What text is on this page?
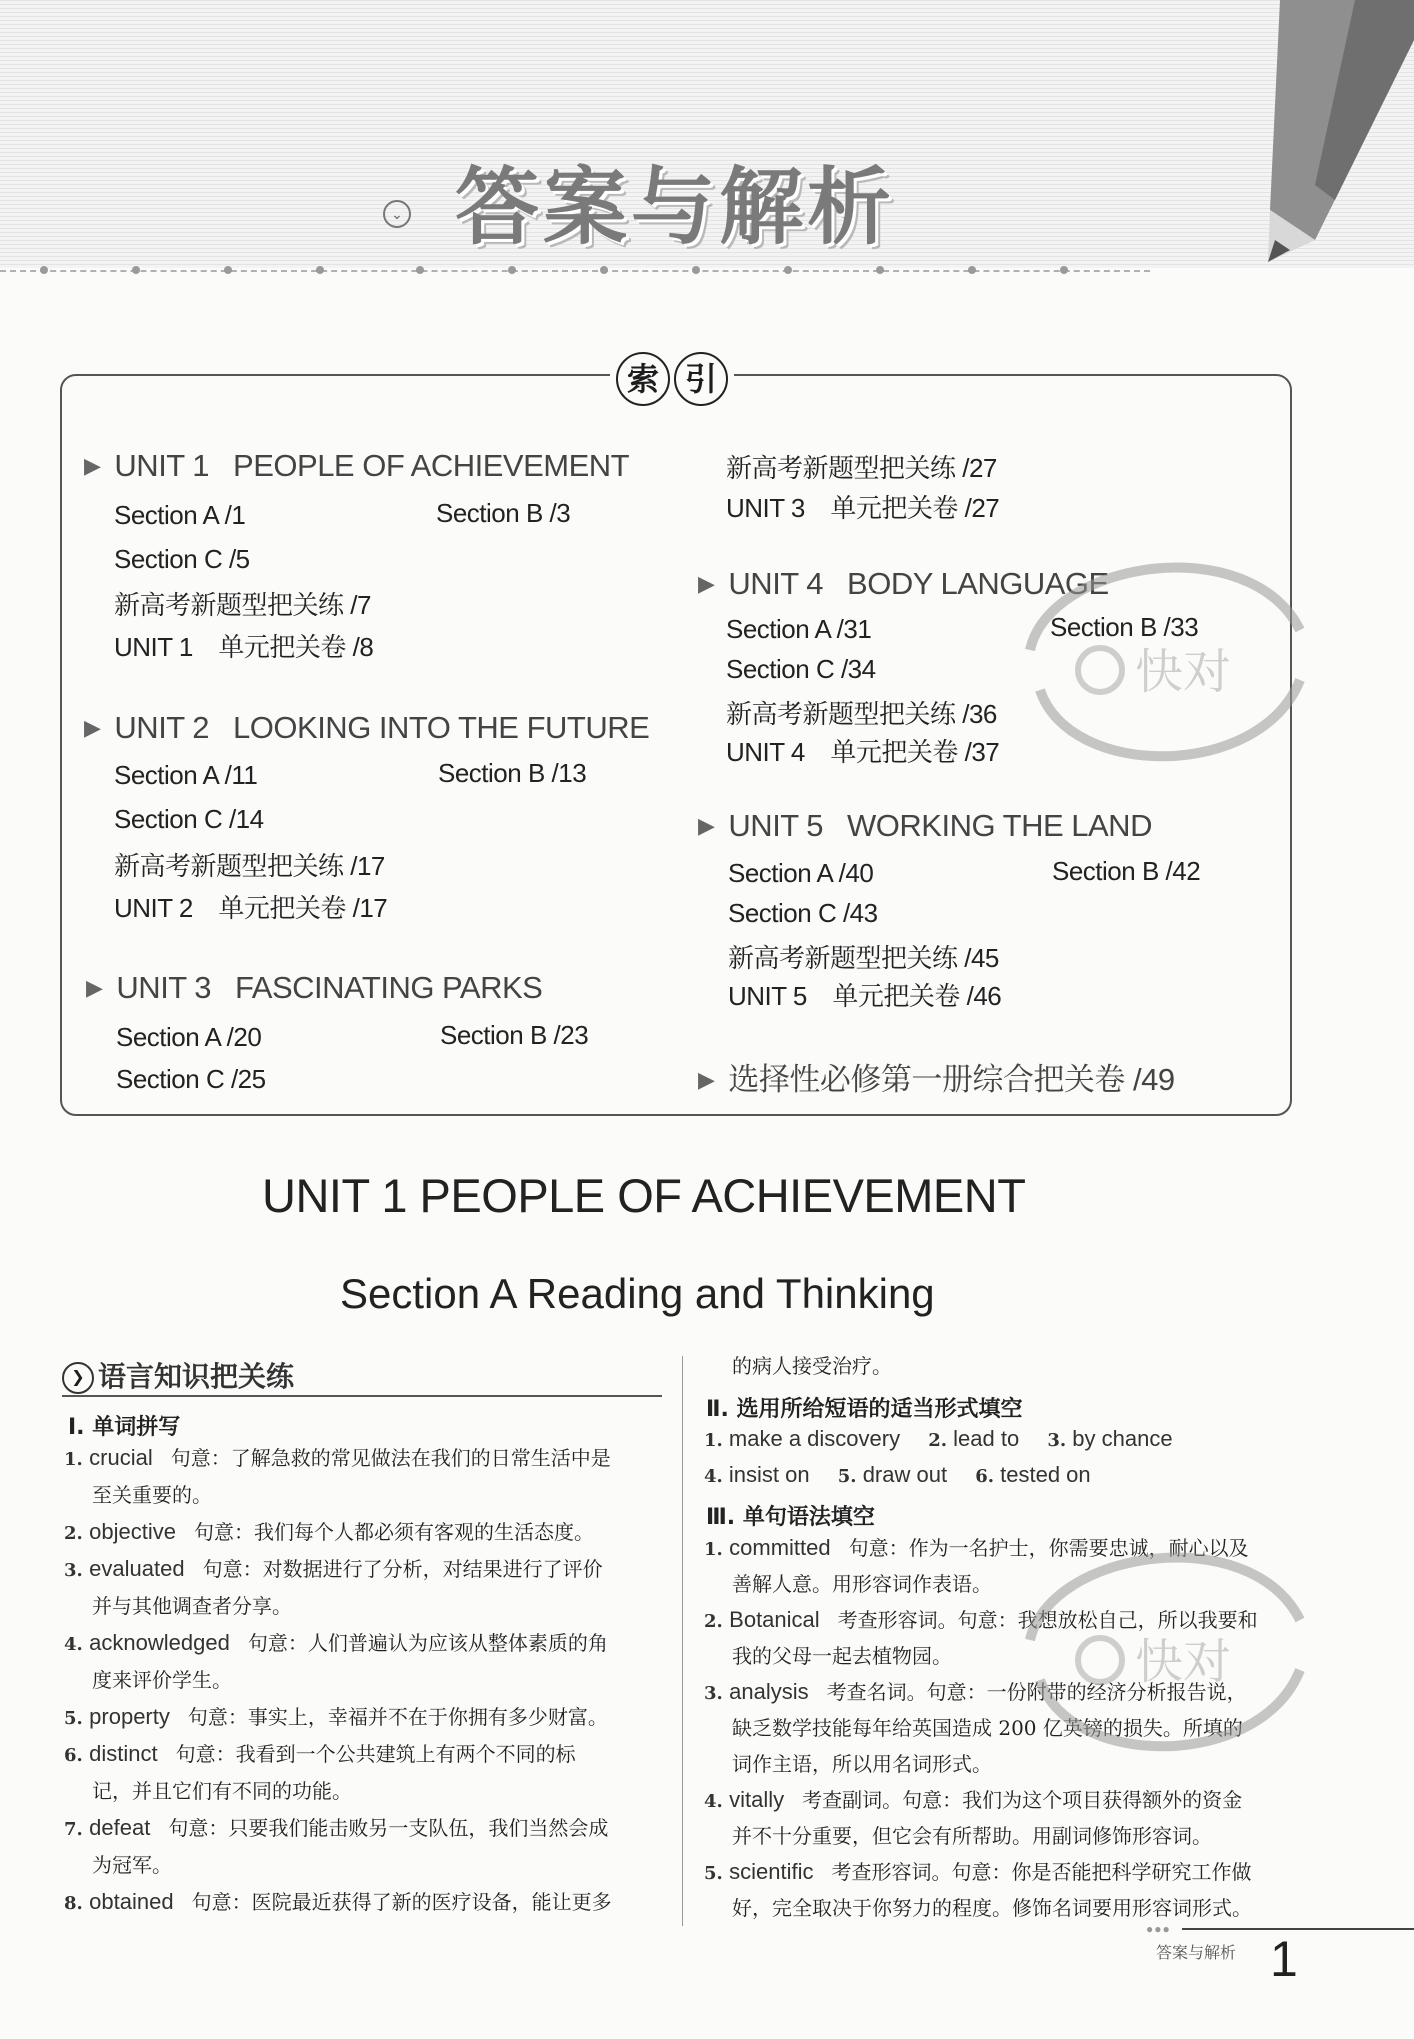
⌄ 答案与解析
索 引
▶ UNIT 1 PEOPLE OF ACHIEVEMENT
Section A /1	Section B /3
Section C /5
新高考新题型把关练 /7
UNIT 1　单元把关卷 /8
▶ UNIT 2 LOOKING INTO THE FUTURE
Section A /11	Section B /13
Section C /14
新高考新题型把关练 /17
UNIT 2　单元把关卷 /17
▶ UNIT 3 FASCINATING PARKS
Section A /20	Section B /23
Section C /25
新高考新题型把关练 /27
UNIT 3　单元把关卷 /27
▶ UNIT 4 BODY LANGUAGE
Section A /31	Section B /33
Section C /34
新高考新题型把关练 /36
UNIT 4　单元把关卷 /37
▶ UNIT 5 WORKING THE LAND
Section A /40	Section B /42
Section C /43
新高考新题型把关练 /45
UNIT 5　单元把关卷 /46
▶ 选择性必修第一册综合把关卷 /49
UNIT 1 PEOPLE OF ACHIEVEMENT
Section A Reading and Thinking
❯ 语言知识把关练
Ⅰ. 单词拼写
1. crucial 句意：了解急救的常见做法在我们的日常生活中是
至关重要的。
2. objective 句意：我们每个人都必须有客观的生活态度。
3. evaluated 句意：对数据进行了分析，对结果进行了评价
并与其他调查者分享。
4. acknowledged 句意：人们普遍认为应该从整体素质的角
度来评价学生。
5. property 句意：事实上，幸福并不在于你拥有多少财富。
6. distinct 句意：我看到一个公共建筑上有两个不同的标
记，并且它们有不同的功能。
7. defeat 句意：只要我们能击败另一支队伍，我们当然会成
为冠军。
8. obtained 句意：医院最近获得了新的医疗设备，能让更多
的病人接受治疗。
Ⅱ. 选用所给短语的适当形式填空
1. make a discovery 2. lead to 3. by chance
4. insist on 5. draw out 6. tested on
Ⅲ. 单句语法填空
1. committed 句意：作为一名护士，你需要忠诚，耐心以及
善解人意。用形容词作表语。
2. Botanical 考查形容词。句意：我想放松自己，所以我要和
我的父母一起去植物园。
3. analysis 考查名词。句意：一份附带的经济分析报告说，
缺乏数学技能每年给英国造成 200 亿英镑的损失。所填的
词作主语，所以用名词形式。
4. vitally 考查副词。句意：我们为这个项目获得额外的资金
并不十分重要，但它会有所帮助。用副词修饰形容词。
5. scientific 考查形容词。句意：你是否能把科学研究工作做
好，完全取决于你努力的程度。修饰名词要用形容词形式。
快对
快对
●●●
答案与解析 1
